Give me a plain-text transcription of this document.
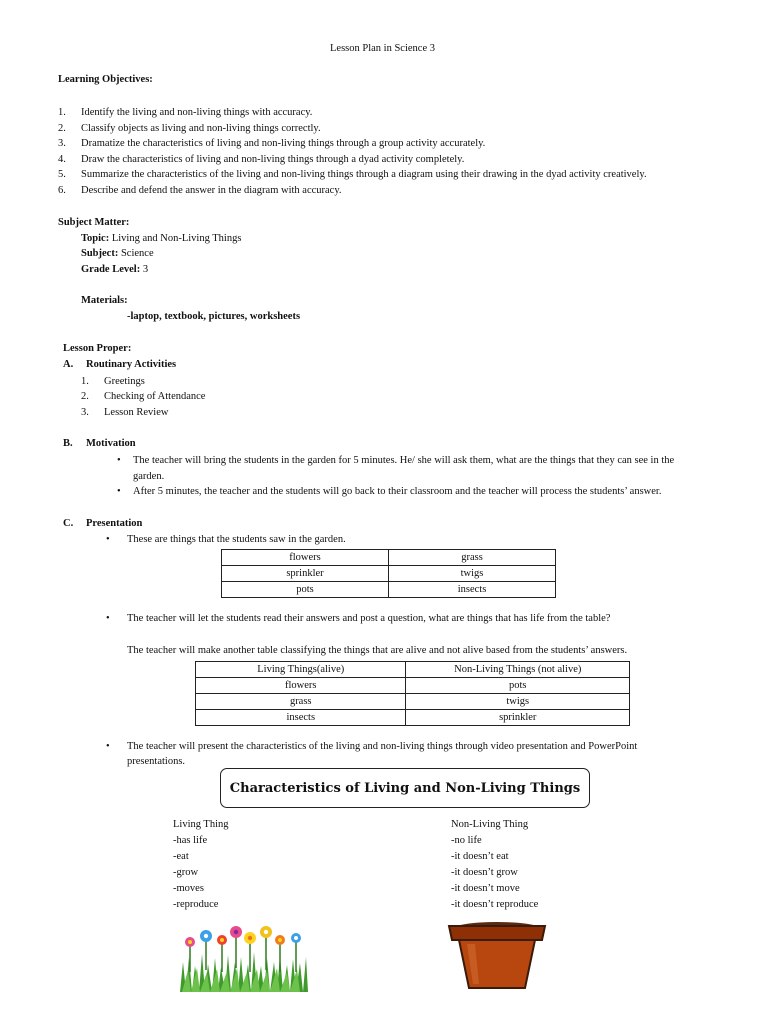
Lesson Plan in Science 3
Learning Objectives:
1. Identify the living and non-living things with accuracy.
2. Classify objects as living and non-living things correctly.
3. Dramatize the characteristics of living and non-living things through a group activity accurately.
4. Draw the characteristics of living and non-living things through a dyad activity completely.
5. Summarize the characteristics of the living and non-living things through a diagram using their drawing in the dyad activity creatively.
6. Describe and defend the answer in the diagram with accuracy.
Subject Matter:
Topic: Living and Non-Living Things
Subject: Science
Grade Level: 3
Materials:
-laptop, textbook, pictures, worksheets
Lesson Proper:
A. Routinary Activities
1. Greetings
2. Checking of Attendance
3. Lesson Review
B. Motivation
• The teacher will bring the students in the garden for 5 minutes. He/ she will ask them, what are the things that they can see in the
garden.
• After 5 minutes, the teacher and the students will go back to their classroom and the teacher will process the students’ answer.
C. Presentation
• These are things that the students saw in the garden.
flowers	grass
sprinkler	twigs
pots	insects
• The teacher will let the students read their answers and post a question, what are things that has life from the table?
The teacher will make another table classifying the things that are alive and not alive based from the students’ answers.
Living Things(alive)	Non-Living Things (not alive)
flowers	pots
grass	twigs
insects	sprinkler
• The teacher will present the characteristics of the living and non-living things through video presentation and PowerPoint
presentations.
Characteristics of Living and Non-Living Things
Living Thing
-has life
-eat
-grow
-moves
-reproduce
Non-Living Thing
-no life
-it doesn’t eat
-it doesn’t grow
-it doesn’t move
-it doesn’t reproduce
